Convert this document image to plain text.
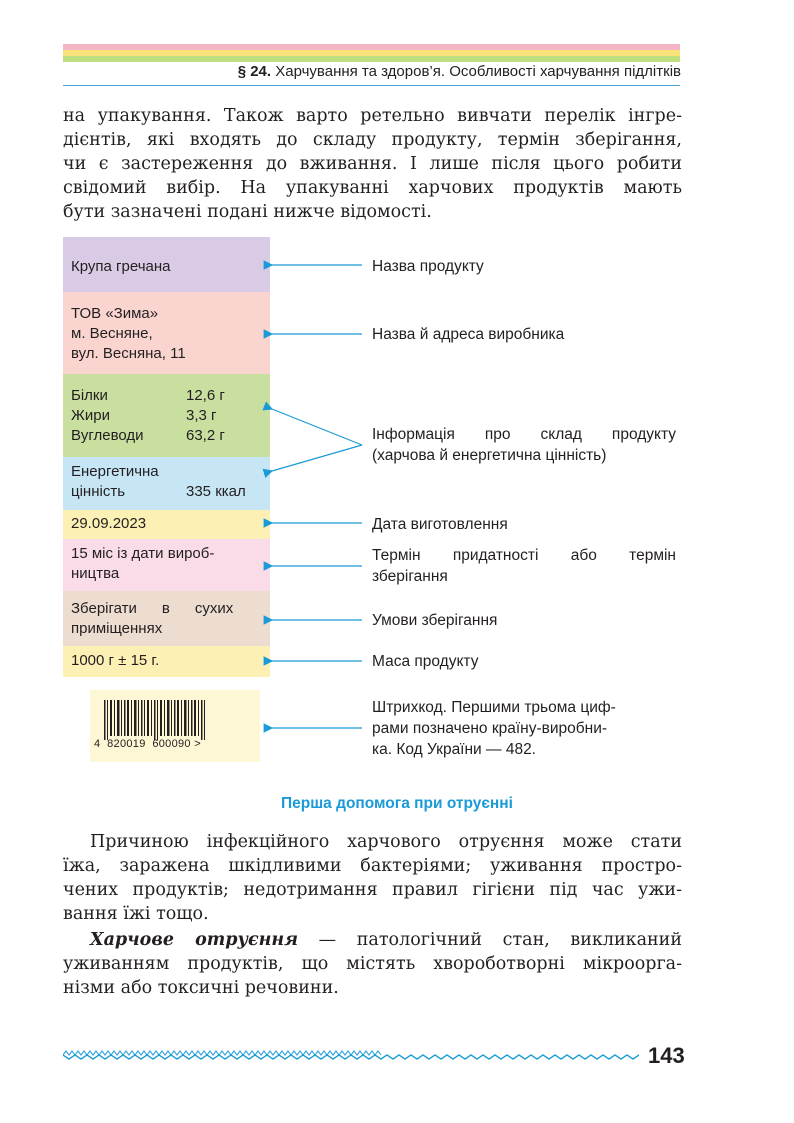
§ 24. Харчування та здоров’я. Особливості харчування підлітків
на упакування. Також варто ретельно вивчати перелік інгре-
дієнтів, які входять до складу продукту, термін зберігання,
чи є застереження до вживання. І лише після цього робити
свідомий вибір. На упакуванні харчових продуктів мають
бути зазначені подані нижче відомості.
Крупа гречана
ТОВ «Зима»
м. Весняне,
вул. Весняна, 11
Білки	12,6 г
Жири	3,3 г
Вуглеводи	63,2 г
Енергетична
цінність	335 ккал
29.09.2023
15 міс із дати вироб-
ництва
Зберігати      в      сухих
приміщеннях
1000 г ± 15 г.
4  820019  600090 >
Назва продукту
Назва й адреса виробника
Інформація про склад продукту
(харчова й енергетична цінність)
Дата виготовлення
Термін придатності або термін
зберігання
Умови зберігання
Маса продукту
Штрихкод. Першими трьома циф-
рами позначено країну-виробни-
ка. Код України — 482.
Перша допомога при отруєнні
Причиною інфекційного харчового отруєння може стати
їжа, заражена шкідливими бактеріями; уживання простро-
чених продуктів; недотримання правил гігієни під час ужи-
вання їжі тощо.
Харчове отруєння — патологічний стан, викликаний
уживанням продуктів, що містять хвороботворні мікроорга-
нізми або токсичні речовини.
143
